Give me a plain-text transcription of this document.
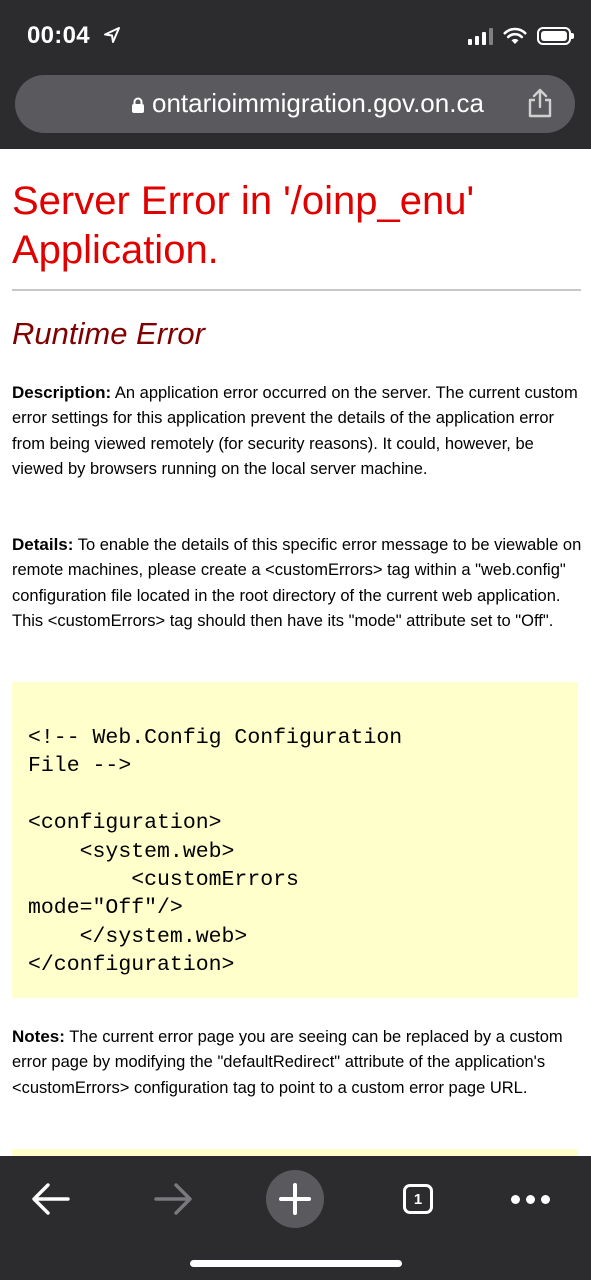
00:04
ontarioimmigration.gov.on.ca
Server Error in '/oinp_enu' Application.
Runtime Error

Description: An application error occurred on the server. The current custom error settings for this application prevent the details of the application error from being viewed remotely (for security reasons). It could, however, be viewed by browsers running on the local server machine.

Details: To enable the details of this specific error message to be viewable on remote machines, please create a <customErrors> tag within a "web.config" configuration file located in the root directory of the current web application. This <customErrors> tag should then have its "mode" attribute set to "Off".

<!-- Web.Config Configuration
File -->

<configuration>
<system.web>
<customErrors
mode="Off"/>
</system.web>
</configuration>

Notes: The current error page you are seeing can be replaced by a custom error page by modifying the "defaultRedirect" attribute of the application's <customErrors> configuration tag to point to a custom error page URL.

1
